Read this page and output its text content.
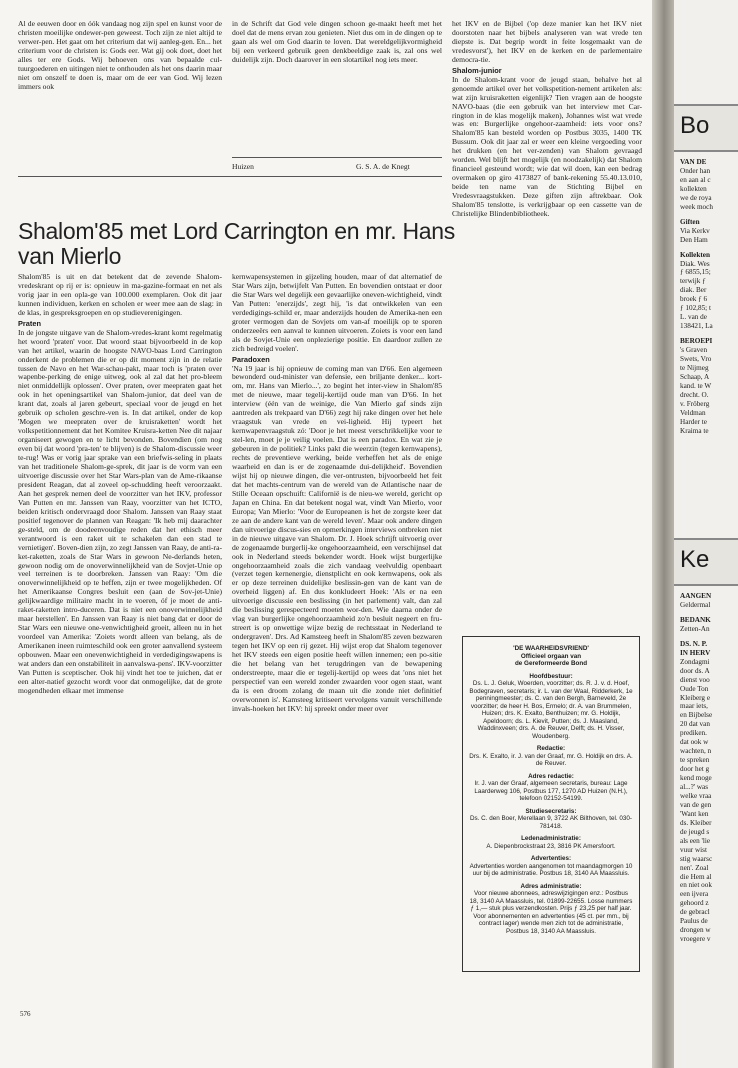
Al de eeuwen door en óók vandaag nog zijn spel en kunst voor de christen moeilijke ondewer-pen geweest. Toch zijn ze niet altijd te verwer-pen. Het gaat om het criterium dat wij aanleg-gen. En... het criterium voor de christen is: Gods eer. Wat gij ook doet, doet het alles ter ere Gods. Wij behoeven ons van bepaalde cul-tuurgoederen en uitingen niet te onthouden als het ons daarin maar niet om onszelf te doen is, maar om de eer van God. Wij lezen immers ook

in de Schrift dat God vele dingen schoon ge-maakt heeft met het doel dat de mens ervan zou genieten. Niet dus om in de dingen op te gaan als wel om God daarin te loven. Dat wereldgelijkvormigheid bij een verkeerd gebruik geen denkbeeldige zaak is, zal ons wel duidelijk zijn. Doch daarover in een slotartikel nog iets meer.

Huizen	G. S. A. de Knegt

het IKV en de Bijbel ('op deze manier kan het IKV niet doorstoten naar het bijbels analyseren van wat vrede ten diepste is. Dat begrip wordt in feite losgemaakt van de vredesvorst'), het IKV en de kerken en de parlementaire democra-tie.

Shalom-junior

In de Shalom-krant voor de jeugd staan, behalve het al genoemde artikel over het volkspetition-nement artikelen als: wat zijn kruisraketten eigenlijk? Tien vragen aan de hoogste NAVO-baas (die een gebruik van het interview met Car-rington in de klas mogelijk maken), Johannes wist wat vrede was en: Burgerlijke ongehoor-zaamheid: iets voor ons? Shalom'85 kan besteld worden op Postbus 3035, 1400 TK Bussum. Ook dit jaar zal er weer een kleine vergoeding voor het drukken (en het ver-zenden) van Shalom gevraagd worden. Wel blijft het mogelijk (en noodzakelijk) dat Shalom financieel gesteund wordt; wie dat wil doen, kan een bedrag overmaken op giro 4173827 of bank-rekening 55.40.13.010, beide ten name van de Stichting Bijbel en Vredesvraagstukken. Deze giften zijn aftrekbaar. Ook Shalom'85 tenslotte, is verkrijgbaar op een cassette van de Christelijke Blindenbibliotheek.

Shalom'85 met Lord Carrington en mr. Hans van Mierlo

Shalom'85 is uit en dat betekent dat de zevende Shalom-vredeskrant op rij er is: opnieuw in ma-gazine-formaat en net als vorig jaar in een opla-ge van 100.000 exemplaren. Ook dit jaar kunnen individuen, kerken en scholen er weer mee aan de slag: in de klas, in gespreksgroepen en op studieverenigingen.

Praten

In de jongste uitgave van de Shalom-vredes-krant komt regelmatig het woord 'praten' voor. Dat woord staat bijvoorbeeld in de kop van het artikel, waarin de hoogste NAVO-baas Lord Carrington onderkent de problemen die er op dit moment zijn in de relatie tussen de Navo en het War-schau-pakt, maar toch is 'praten over wapenbe-perking de enige uitweg, ook al zal dat het pro-bleem niet onmiddellijk oplossen'. Over praten, over meepraten gaat het ook in het openingsartikel van Shalom-junior, dat deel van de krant dat, zoals al jaren gebeurt, speciaal voor de jeugd en het gebruik op scholen geschre-ven is. In dat artikel, onder de kop 'Mogen we meepraten over de kruisraketten' wordt het volkspetitionnement dat het Komitee Kruisra-ketten Nee dit najaar organiseert gewogen en te licht bevonden. Bovendien (om nog even bij dat woord 'pra-ten' te blijven) is de Shalom-discussie weer te-rug! Was er vorig jaar sprake van een briefwis-seling in plaats van het traditionele Shalom-ge-sprek, dit jaar is de vorm van een uitvoerige discussie over het Star Wars-plan van de Ame-rikaanse president Reagan, dat al zoveel op-schudding heeft veroorzaakt. Aan het gesprek nemen deel de voorzitter van het IKV, professor Van Putten en mr. Janssen van Raay, voorzitter van het ICTO, beiden kritisch ondervraagd door Shalom. Janssen van Raay staat positief tegenover de plannen van Reagan: 'Ik heb mij daarachter ge-steld, om de doodeenvoudige reden dat het ethisch meer verantwoord is een raket uit te schakelen dan een stad te vernietigen'. Boven-dien zijn, zo zegt Janssen van Raay, de anti-ra-ket-raketten, zoals de Star Wars in gewoon Ne-derlands heten, gewoon nodig om de onoverwinnelijkheid van de Sovjet-Unie op veel terreinen is te doorbreken. Janssen van Raay: 'Om die onoverwinnelijkheid op te heffen, zijn er twee mogelijkheden. Of het Amerikaanse Congres besluit een (aan de Sov-jet-Unie) gelijkwaardige militaire macht in te voeren, óf je moet de anti-raket-raketten intro-duceren. Dat is niet een onoverwinnelijkheid maar herstellen'. En Janssen van Raay is niet bang dat er door de Star Wars een nieuwe one-venwichtigheid groeit, alleen nu in het voordeel van Amerika: 'Zoiets wordt alleen van belang, als de Amerikanen ineen ruimteschild ook een groter aanvallend systeem opbouwen. Maar een onevenwichtigheid in verdedigingswapens is wat anders dan een onstabiliteit in aanvalswa-pens'. IKV-voorzitter Van Putten is sceptischer. Ook hij vindt het toe te juichen, dat er een alter-natief gezocht wordt voor dat onmogelijke, dat de grote mogendheden elkaar met immense

kernwapensystemen in gijzeling houden, maar of dat alternatief de Star Wars zijn, betwijfelt Van Putten. En bovendien ontstaat er door die Star Wars wel degelijk een gevaarlijke oneven-wichtigheid, vindt Van Putten: 'enerzijds', zegt hij, 'is dat ontwikkelen van een verdedigings-schild er, maar anderzijds houden de Amerika-nen een groter vermogen dan de Sovjets om van-af moeilijk op te sporen onderzeeërs een aanval te kunnen uitvoeren. Zoiets is voor een land als de Sovjet-Unie een onplezierige positie. En daardoor zullen ze zich bedreigd voelen'.

Paradoxen

'Na 19 jaar is hij opnieuw de coming man van D'66. Een algemeen bewonderd oud-minister van defensie, een briljante denker... kort-om, mr. Hans van Mierlo...', zo begint het inter-view in Shalom'85 met de nieuwe, maar tegelij-kertijd oude man van D'66. In het interview (één van de weinige, die Van Mierlo gaf sinds zijn aantreden als trekpaard van D'66) zegt hij rake dingen over het hele vraagstuk van vrede en vei-ligheid. Hij typeert het kernwapenvraagstuk zó: 'Door je het meest verschrikkelijke voor te stel-len, moet je je veilig voelen. Dat is een paradox. En wat zie je gebeuren in de politiek? Links pakt die weerzin (tegen kernwapens), rechts de preventieve werking, beide verheffen het als de enige waarheid en dan is er de zogenaamde dui-delijkheid'. Bovendien wijst hij op nieuwe dingen, die ver-ontrusten, bijvoorbeeld het feit dat het machts-centrum van de wereld van de Atlantische naar de Stille Oceaan opschuift: Californië is de nieu-we wereld, gericht op Japan en China. En dat betekent nogal wat, vindt Van Mierlo, voor Europa; Van Mierlo: 'Voor de Europeanen is het de zorgste keer dat ze aan de andere kant van de wereld leven'. Maar ook andere dingen dan uitvoerige discus-sies en opmerkingen interviews ontbreken niet in de nieuwe uitgave van Shalom. Dr. J. Hoek schrijft uitvoerig over de zogenaamde burgerlij-ke ongehoorzaamheid, een verschijnsel dat ook in Nederland steeds bekender wordt. Hoek wijst burgerlijke ongehoorzaamheid zoals die zich vandaag veelvuldig openbaart (verzet tegen kernenergie, dienstplicht en ook kernwapens, ook als er op deze terreinen duidelijke beslissin-gen van de kant van de overheid liggen) af. En dus konkludeert Hoek: 'Als er na een uitvoerige discussie een beslissing (in het parlement) valt, dan zal die beslissing gerespecteerd moeten wor-den. Wie daarna onder de vlag van burgerlijke ongehoorzaamheid zo'n besluit negeert en fru-streert is op onwettige wijze bezig de rechtsstaat in Nederland te ondergraven'. Drs. Ad Kamsteeg heeft in Shalom'85 zeven bezwaren tegen het IKV op een rij gezet. Hij wijst erop dat Shalom tegenover het IKV steeds een eigen positie heeft willen innemen; een po-sitie die het belang van het terugdringen van de bewapening onderstreepte, maar die er tegelij-kertijd op wees dat 'ons niet het perspectief van een wereld zonder zwaarden voor ogen staat, want da is een droom zolang de maan uit die zonde niet definitief overwonnen is'. Kamsteeg kritiseert vervolgens vanuit verschillende invals-hoeken het IKV: hij spreekt onder meer over

'DE WAARHEIDSVRIEND'
Officieel orgaan van
de Gereformeerde Bond
Hoofdbestuur:
Ds. L. J. Geluk, Woerden, voorzitter; ds. R. J. v. d. Hoef, Bodegraven, secretaris; ir. L. van der Waal, Ridderkerk, 1e penningmeester; ds. C. van den Bergh, Barneveld, 2e voorzitter; de heer H. Bos, Ermelo; dr. A. van Brummelen, Huizen; drs. K. Exalto, Benthuizen; mr. G. Holdijk, Apeldoorn; ds. L. Kievit, Putten; ds. J. Maasland, Waddinxveen; drs. A. de Reuver, Delft; ds. H. Visser, Woudenberg.
Redactie:
Drs. K. Exalto, ir. J. van der Graaf, mr. G. Holdijk en drs. A. de Reuver.
Adres redactie:
Ir. J. van der Graaf, algemeen secretaris, bureau: Lage Laarderweg 106, Postbus 177, 1270 AD Huizen (N.H.), telefoon 02152-54199.
Studiesecretaris:
Ds. C. den Boer, Merellaan 9, 3722 AK Bilthoven, tel. 030-781418.
Ledenadministratie:
A. Diepenbrockstraat 23, 3816 PK Amersfoort.
Advertenties:
Advertenties worden aangenomen tot maandagmorgen 10 uur bij de administratie. Postbus 18, 3140 AA Maassluis.
Adres administratie:
Voor nieuwe abonnees, adreswijzigingen enz.: Postbus 18, 3140 AA Maassluis, tel. 01899-22655. Losse nummers ƒ 1,— stuk plus verzendkosten. Prijs ƒ 23,25 per half jaar. Voor abonnementen en advertenties (45 ct. per mm., bij contract lager) wende men zich tot de administratie, Postbus 18, 3140 AA Maassluis.
576
Bo
VAN DE
Onder han
en aan al c
kollekten
we de roya
week moch
Giften
Via Kerkv
Den Ham
Kollekten
Diak. Wes
ƒ 6855,15;
terwijk ƒ
diak. Ber
broek ƒ 6
ƒ 102,85; t
L. van de
138421, La
BEROEPI
's Graven
Swets, Vro
te Nijmeg
Schaap, A
kand. te W
drecht. O.
v. Fröberg
Veldman
Harder te
Kraima te
Ke
AANGEN
Geldermal
BEDANK
Zetten-An
DS. N. P.
IN HERV
Zondagmi
door ds. A
dienst voo
Oude Ton
Kleiberg e
maar iets,
en Bijbelse
20 dat van
prediken.
dat ook w
wachten, n
te spreken
door het g
kend moge
al...?' was
welke vraa
van de gen
'Want ken
ds. Kleiber
de jeugd s
als een 'lie
vuur wist
stig waarsc
nen'. Zoal
die Hem al
en niet ook
een ijvera
gehoord z
de gebracl
Paulus de
drongen w
vroegere v
